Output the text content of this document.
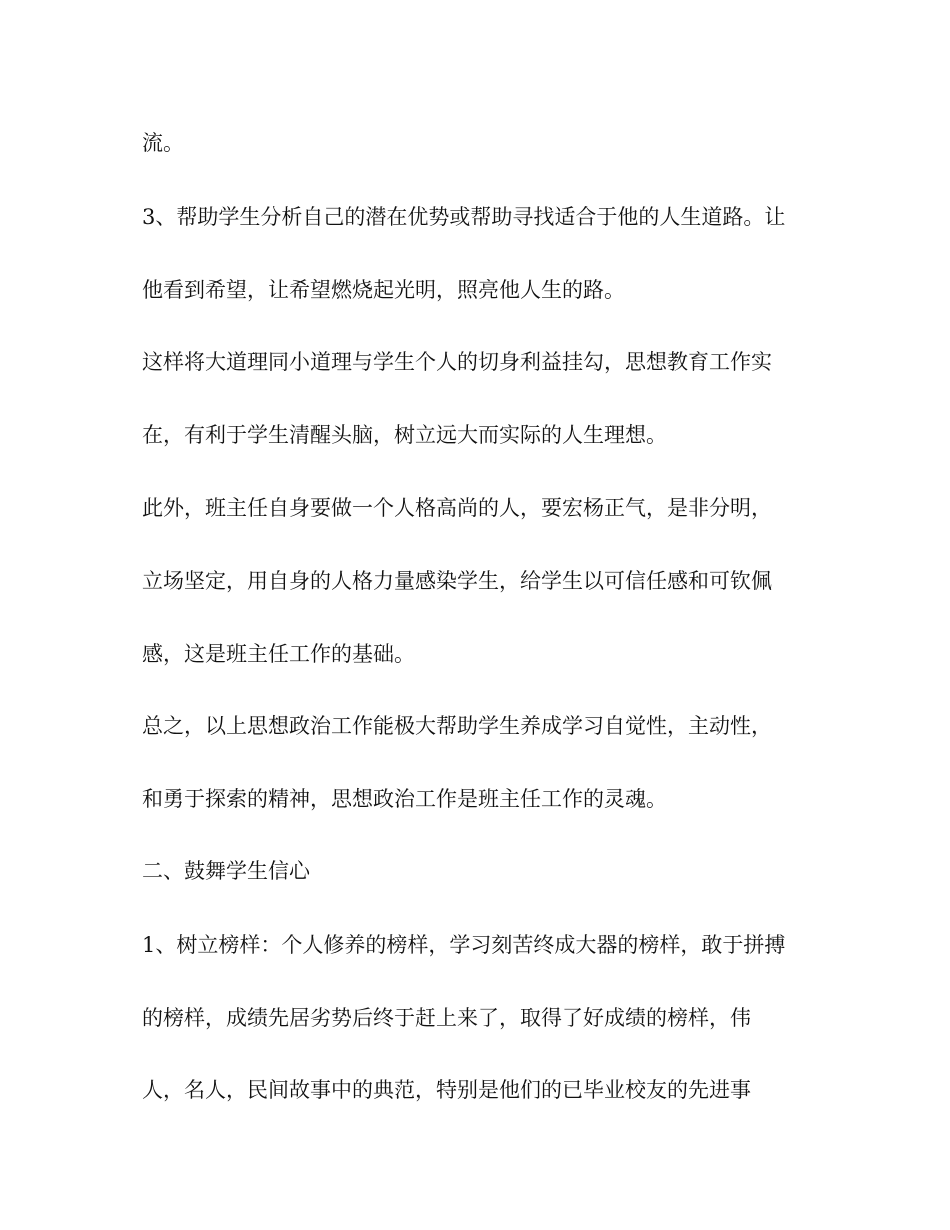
流。
3、帮助学生分析自己的潜在优势或帮助寻找适合于他的人生道路。让
他看到希望，让希望燃烧起光明，照亮他人生的路。
这样将大道理同小道理与学生个人的切身利益挂勾，思想教育工作实
在，有利于学生清醒头脑，树立远大而实际的人生理想。
此外，班主任自身要做一个人格高尚的人，要宏杨正气，是非分明，
立场坚定，用自身的人格力量感染学生，给学生以可信任感和可钦佩
感，这是班主任工作的基础。
总之，以上思想政治工作能极大帮助学生养成学习自觉性，主动性，
和勇于探索的精神，思想政治工作是班主任工作的灵魂。
二、鼓舞学生信心
1、树立榜样：个人修养的榜样，学习刻苦终成大器的榜样，敢于拼搏
的榜样，成绩先居劣势后终于赶上来了，取得了好成绩的榜样，伟
人，名人，民间故事中的典范，特别是他们的已毕业校友的先进事
